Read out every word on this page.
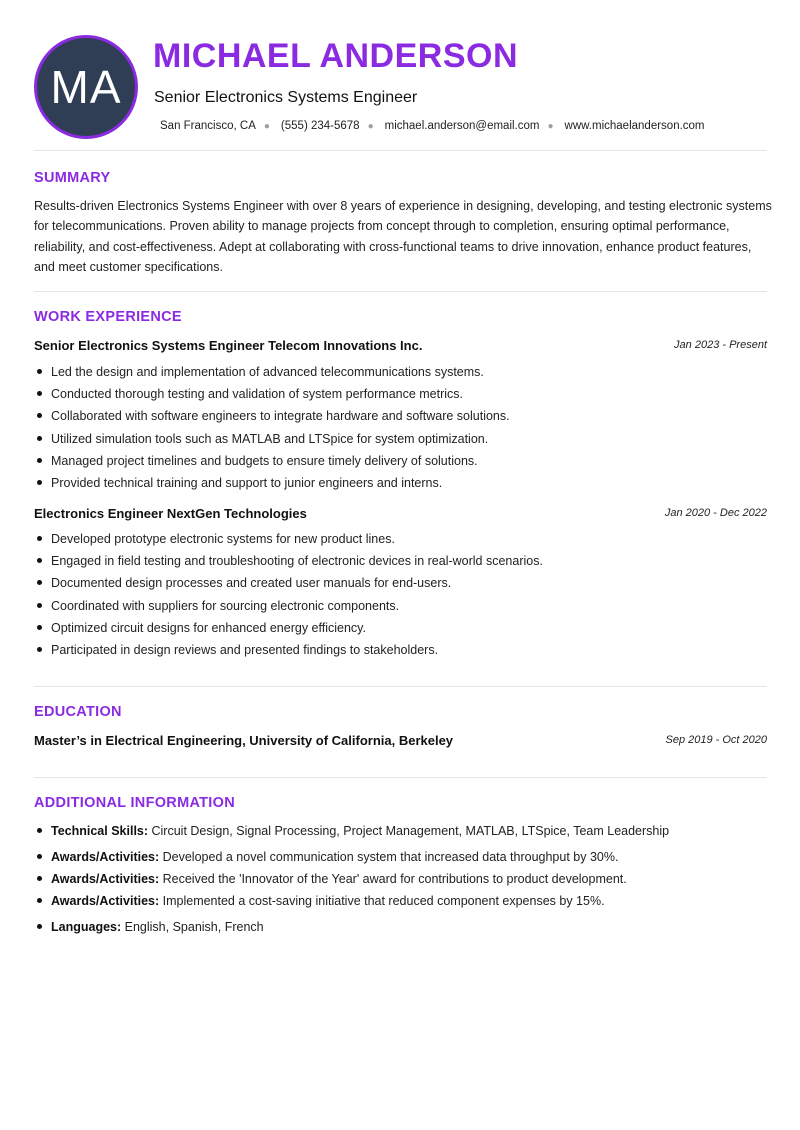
MA
MICHAEL ANDERSON
Senior Electronics Systems Engineer
San Francisco, CA ● (555) 234-5678 ● michael.anderson@email.com ● www.michaelanderson.com
SUMMARY

Results-driven Electronics Systems Engineer with over 8 years of experience in designing, developing, and testing electronic systems for telecommunications. Proven ability to manage projects from concept through to completion, ensuring optimal performance, reliability, and cost-effectiveness. Adept at collaborating with cross-functional teams to drive innovation, enhance product features, and meet customer specifications.

WORK EXPERIENCE
Senior Electronics Systems Engineer Telecom Innovations Inc.	Jan 2023 - Present
Led the design and implementation of advanced telecommunications systems.
Conducted thorough testing and validation of system performance metrics.
Collaborated with software engineers to integrate hardware and software solutions.
Utilized simulation tools such as MATLAB and LTSpice for system optimization.
Managed project timelines and budgets to ensure timely delivery of solutions.
Provided technical training and support to junior engineers and interns.
Electronics Engineer NextGen Technologies	Jan 2020 - Dec 2022
Developed prototype electronic systems for new product lines.
Engaged in field testing and troubleshooting of electronic devices in real-world scenarios.
Documented design processes and created user manuals for end-users.
Coordinated with suppliers for sourcing electronic components.
Optimized circuit designs for enhanced energy efficiency.
Participated in design reviews and presented findings to stakeholders.
EDUCATION
Master’s in Electrical Engineering, University of California, Berkeley	Sep 2019 - Oct 2020
ADDITIONAL INFORMATION
Technical Skills: Circuit Design, Signal Processing, Project Management, MATLAB, LTSpice, Team Leadership
Awards/Activities: Developed a novel communication system that increased data throughput by 30%.
Awards/Activities: Received the 'Innovator of the Year' award for contributions to product development.
Awards/Activities: Implemented a cost-saving initiative that reduced component expenses by 15%.
Languages: English, Spanish, French
